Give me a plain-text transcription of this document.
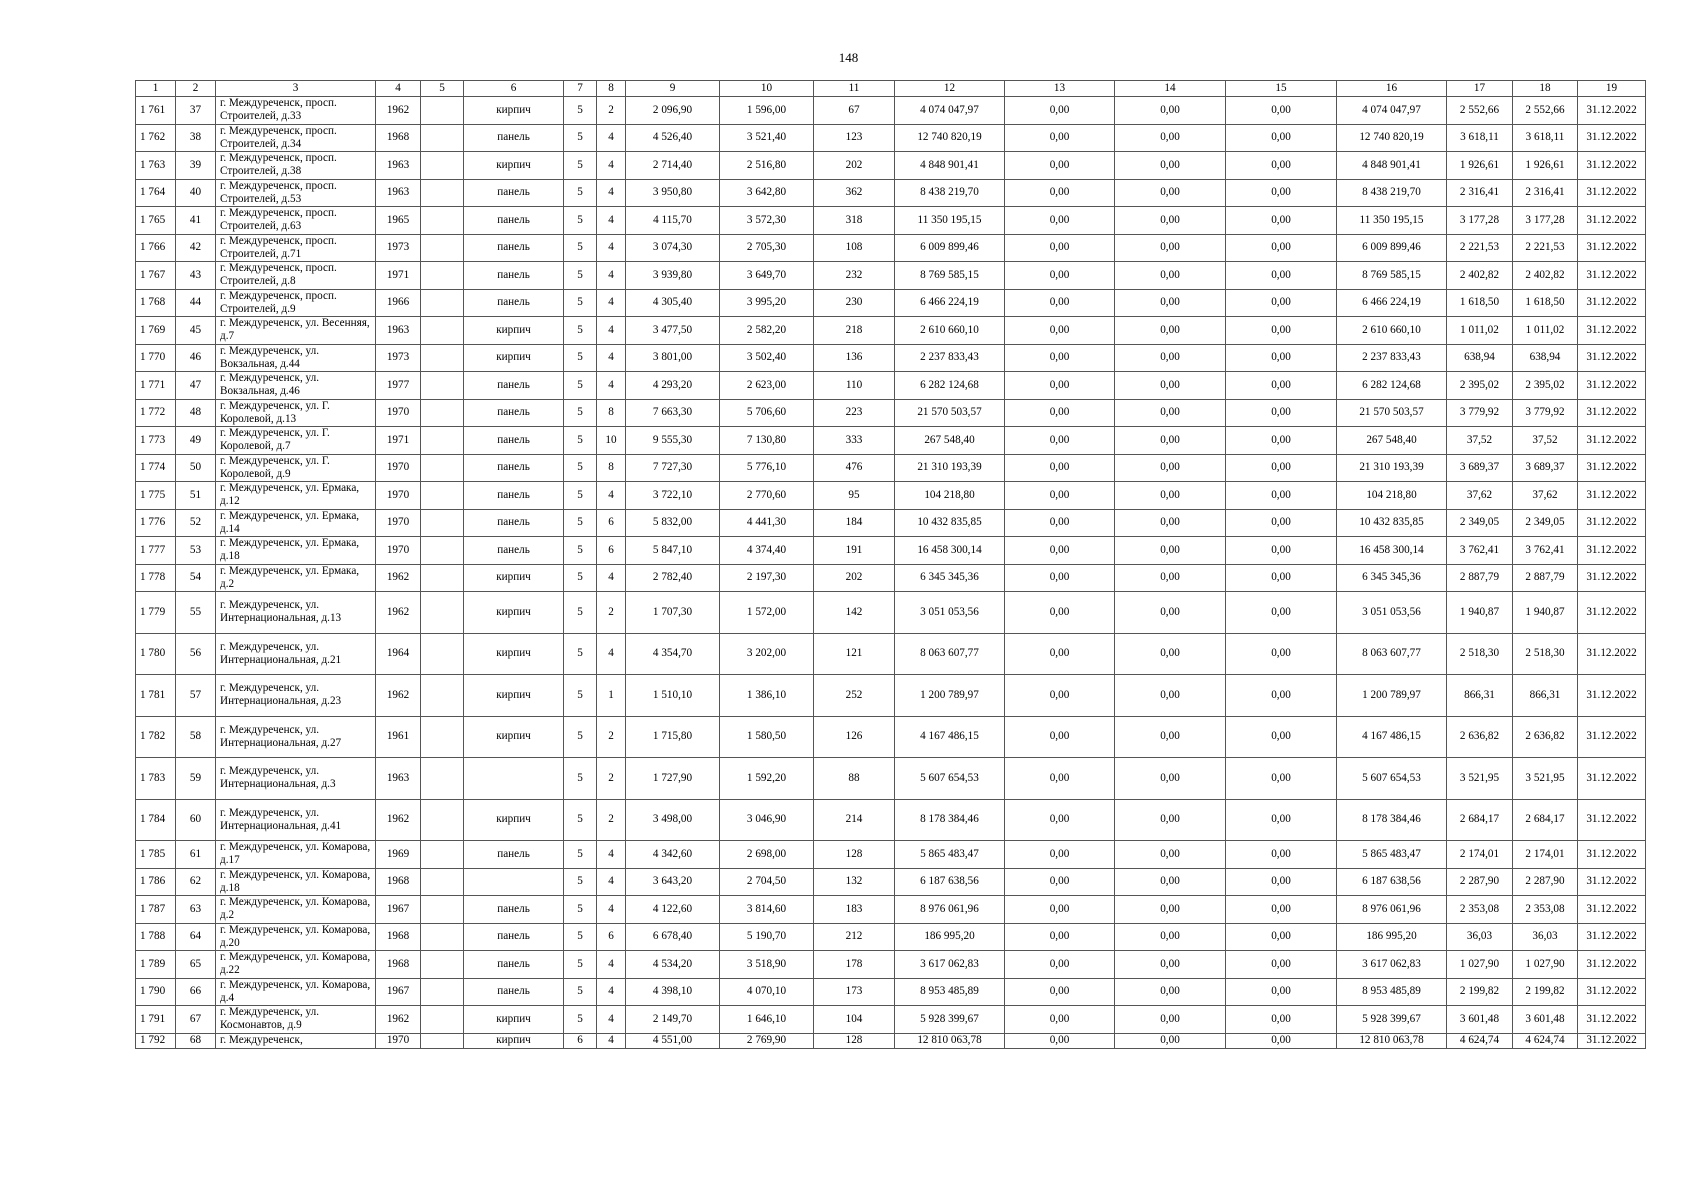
148
1	2	3	4	5	6	7	8	9	10	11	12	13	14	15	16	17	18	19
1 761	37	г. Междуреченск, просп. Строителей, д.33	1962		кирпич	5	2	2 096,90	1 596,00	67	4 074 047,97	0,00	0,00	0,00	4 074 047,97	2 552,66	2 552,66	31.12.2022
1 762	38	г. Междуреченск, просп. Строителей, д.34	1968		панель	5	4	4 526,40	3 521,40	123	12 740 820,19	0,00	0,00	0,00	12 740 820,19	3 618,11	3 618,11	31.12.2022
1 763	39	г. Междуреченск, просп. Строителей, д.38	1963		кирпич	5	4	2 714,40	2 516,80	202	4 848 901,41	0,00	0,00	0,00	4 848 901,41	1 926,61	1 926,61	31.12.2022
1 764	40	г. Междуреченск, просп. Строителей, д.53	1963		панель	5	4	3 950,80	3 642,80	362	8 438 219,70	0,00	0,00	0,00	8 438 219,70	2 316,41	2 316,41	31.12.2022
1 765	41	г. Междуреченск, просп. Строителей, д.63	1965		панель	5	4	4 115,70	3 572,30	318	11 350 195,15	0,00	0,00	0,00	11 350 195,15	3 177,28	3 177,28	31.12.2022
1 766	42	г. Междуреченск, просп. Строителей, д.71	1973		панель	5	4	3 074,30	2 705,30	108	6 009 899,46	0,00	0,00	0,00	6 009 899,46	2 221,53	2 221,53	31.12.2022
1 767	43	г. Междуреченск, просп. Строителей, д.8	1971		панель	5	4	3 939,80	3 649,70	232	8 769 585,15	0,00	0,00	0,00	8 769 585,15	2 402,82	2 402,82	31.12.2022
1 768	44	г. Междуреченск, просп. Строителей, д.9	1966		панель	5	4	4 305,40	3 995,20	230	6 466 224,19	0,00	0,00	0,00	6 466 224,19	1 618,50	1 618,50	31.12.2022
1 769	45	г. Междуреченск, ул. Весенняя, д.7	1963		кирпич	5	4	3 477,50	2 582,20	218	2 610 660,10	0,00	0,00	0,00	2 610 660,10	1 011,02	1 011,02	31.12.2022
1 770	46	г. Междуреченск, ул. Вокзальная, д.44	1973		кирпич	5	4	3 801,00	3 502,40	136	2 237 833,43	0,00	0,00	0,00	2 237 833,43	638,94	638,94	31.12.2022
1 771	47	г. Междуреченск, ул. Вокзальная, д.46	1977		панель	5	4	4 293,20	2 623,00	110	6 282 124,68	0,00	0,00	0,00	6 282 124,68	2 395,02	2 395,02	31.12.2022
1 772	48	г. Междуреченск, ул. Г. Королевой, д.13	1970		панель	5	8	7 663,30	5 706,60	223	21 570 503,57	0,00	0,00	0,00	21 570 503,57	3 779,92	3 779,92	31.12.2022
1 773	49	г. Междуреченск, ул. Г. Королевой, д.7	1971		панель	5	10	9 555,30	7 130,80	333	267 548,40	0,00	0,00	0,00	267 548,40	37,52	37,52	31.12.2022
1 774	50	г. Междуреченск, ул. Г. Королевой, д.9	1970		панель	5	8	7 727,30	5 776,10	476	21 310 193,39	0,00	0,00	0,00	21 310 193,39	3 689,37	3 689,37	31.12.2022
1 775	51	г. Междуреченск, ул. Ермака, д.12	1970		панель	5	4	3 722,10	2 770,60	95	104 218,80	0,00	0,00	0,00	104 218,80	37,62	37,62	31.12.2022
1 776	52	г. Междуреченск, ул. Ермака, д.14	1970		панель	5	6	5 832,00	4 441,30	184	10 432 835,85	0,00	0,00	0,00	10 432 835,85	2 349,05	2 349,05	31.12.2022
1 777	53	г. Междуреченск, ул. Ермака, д.18	1970		панель	5	6	5 847,10	4 374,40	191	16 458 300,14	0,00	0,00	0,00	16 458 300,14	3 762,41	3 762,41	31.12.2022
1 778	54	г. Междуреченск, ул. Ермака, д.2	1962		кирпич	5	4	2 782,40	2 197,30	202	6 345 345,36	0,00	0,00	0,00	6 345 345,36	2 887,79	2 887,79	31.12.2022
1 779	55	г. Междуреченск, ул. Интернациональная, д.13	1962		кирпич	5	2	1 707,30	1 572,00	142	3 051 053,56	0,00	0,00	0,00	3 051 053,56	1 940,87	1 940,87	31.12.2022
1 780	56	г. Междуреченск, ул. Интернациональная, д.21	1964		кирпич	5	4	4 354,70	3 202,00	121	8 063 607,77	0,00	0,00	0,00	8 063 607,77	2 518,30	2 518,30	31.12.2022
1 781	57	г. Междуреченск, ул. Интернациональная, д.23	1962		кирпич	5	1	1 510,10	1 386,10	252	1 200 789,97	0,00	0,00	0,00	1 200 789,97	866,31	866,31	31.12.2022
1 782	58	г. Междуреченск, ул. Интернациональная, д.27	1961		кирпич	5	2	1 715,80	1 580,50	126	4 167 486,15	0,00	0,00	0,00	4 167 486,15	2 636,82	2 636,82	31.12.2022
1 783	59	г. Междуреченск, ул. Интернациональная, д.3	1963			5	2	1 727,90	1 592,20	88	5 607 654,53	0,00	0,00	0,00	5 607 654,53	3 521,95	3 521,95	31.12.2022
1 784	60	г. Междуреченск, ул. Интернациональная, д.41	1962		кирпич	5	2	3 498,00	3 046,90	214	8 178 384,46	0,00	0,00	0,00	8 178 384,46	2 684,17	2 684,17	31.12.2022
1 785	61	г. Междуреченск, ул. Комарова, д.17	1969		панель	5	4	4 342,60	2 698,00	128	5 865 483,47	0,00	0,00	0,00	5 865 483,47	2 174,01	2 174,01	31.12.2022
1 786	62	г. Междуреченск, ул. Комарова, д.18	1968			5	4	3 643,20	2 704,50	132	6 187 638,56	0,00	0,00	0,00	6 187 638,56	2 287,90	2 287,90	31.12.2022
1 787	63	г. Междуреченск, ул. Комарова, д.2	1967		панель	5	4	4 122,60	3 814,60	183	8 976 061,96	0,00	0,00	0,00	8 976 061,96	2 353,08	2 353,08	31.12.2022
1 788	64	г. Междуреченск, ул. Комарова, д.20	1968		панель	5	6	6 678,40	5 190,70	212	186 995,20	0,00	0,00	0,00	186 995,20	36,03	36,03	31.12.2022
1 789	65	г. Междуреченск, ул. Комарова, д.22	1968		панель	5	4	4 534,20	3 518,90	178	3 617 062,83	0,00	0,00	0,00	3 617 062,83	1 027,90	1 027,90	31.12.2022
1 790	66	г. Междуреченск, ул. Комарова, д.4	1967		панель	5	4	4 398,10	4 070,10	173	8 953 485,89	0,00	0,00	0,00	8 953 485,89	2 199,82	2 199,82	31.12.2022
1 791	67	г. Междуреченск, ул. Космонавтов, д.9	1962		кирпич	5	4	2 149,70	1 646,10	104	5 928 399,67	0,00	0,00	0,00	5 928 399,67	3 601,48	3 601,48	31.12.2022
1 792	68	г. Междуреченск,	1970		кирпич	6	4	4 551,00	2 769,90	128	12 810 063,78	0,00	0,00	0,00	12 810 063,78	4 624,74	4 624,74	31.12.2022
